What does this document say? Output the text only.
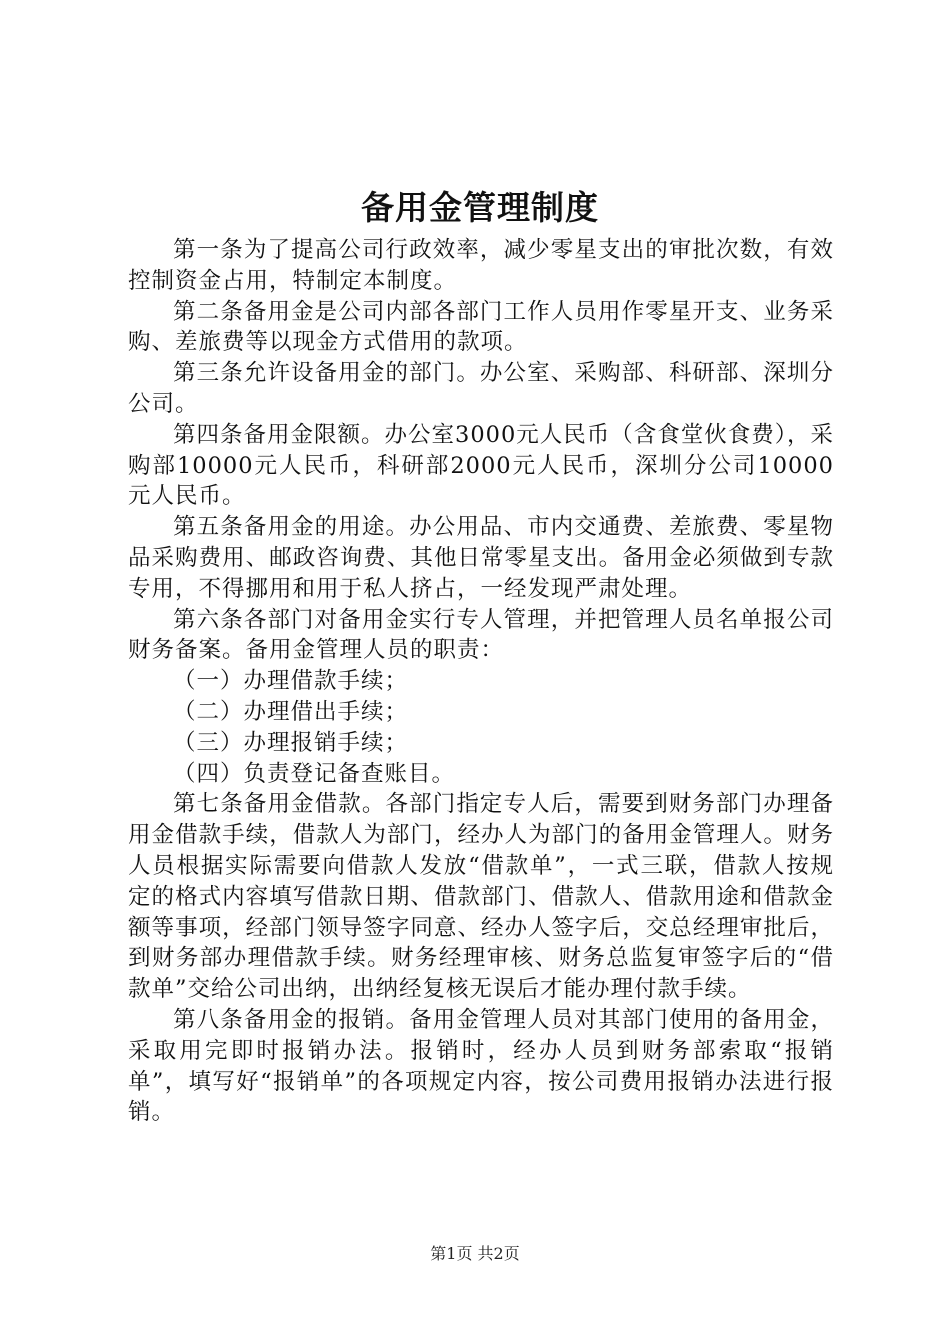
备用金管理制度

第一条为了提高公司行政效率，减少零星支出的审批次数，有效控制资金占用，特制定本制度。

第二条备用金是公司内部各部门工作人员用作零星开支、业务采购、差旅费等以现金方式借用的款项。

第三条允许设备用金的部门。办公室、采购部、科研部、深圳分公司。

第四条备用金限额。办公室3000元人民币（含食堂伙食费），采购部10000元人民币，科研部2000元人民币，深圳分公司10000元人民币。

第五条备用金的用途。办公用品、市内交通费、差旅费、零星物品采购费用、邮政咨询费、其他日常零星支出。备用金必须做到专款专用，不得挪用和用于私人挤占，一经发现严肃处理。

第六条各部门对备用金实行专人管理，并把管理人员名单报公司财务备案。备用金管理人员的职责：

（一）办理借款手续；

（二）办理借出手续；

（三）办理报销手续；

（四）负责登记备查账目。

第七条备用金借款。各部门指定专人后，需要到财务部门办理备用金借款手续，借款人为部门，经办人为部门的备用金管理人。财务人员根据实际需要向借款人发放“借款单”，一式三联，借款人按规定的格式内容填写借款日期、借款部门、借款人、借款用途和借款金额等事项，经部门领导签字同意、经办人签字后，交总经理审批后，到财务部办理借款手续。财务经理审核、财务总监复审签字后的“借款单”交给公司出纳，出纳经复核无误后才能办理付款手续。

第八条备用金的报销。备用金管理人员对其部门使用的备用金，采取用完即时报销办法。报销时，经办人员到财务部索取“报销单”，填写好“报销单”的各项规定内容，按公司费用报销办法进行报销。

第1页 共2页
